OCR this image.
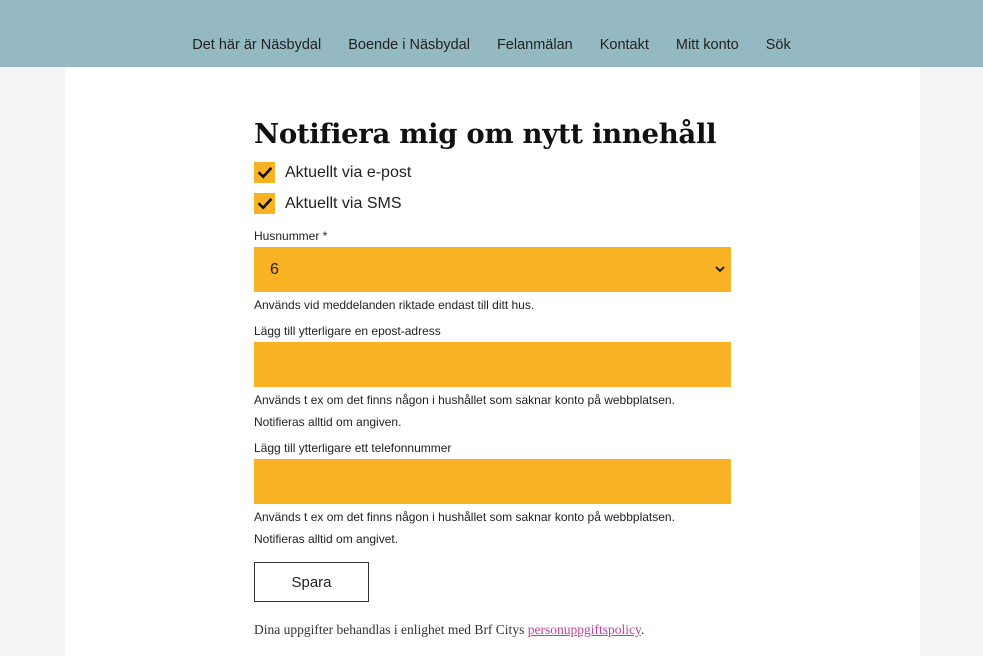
Det här är Näsbydal	Boende i Näsbydal	Felanmälan	Kontakt	Mitt konto	Sök
Notifiera mig om nytt innehåll
Aktuellt via e-post
Aktuellt via SMS
Husnummer *
6
Används vid meddelanden riktade endast till ditt hus.
Lägg till ytterligare en epost-adress
Används t ex om det finns någon i hushållet som saknar konto på webbplatsen.
Notifieras alltid om angiven.
Lägg till ytterligare ett telefonnummer
Används t ex om det finns någon i hushållet som saknar konto på webbplatsen.
Notifieras alltid om angivet.
Spara

Dina uppgifter behandlas i enlighet med Brf Citys personuppgiftspolicy.
